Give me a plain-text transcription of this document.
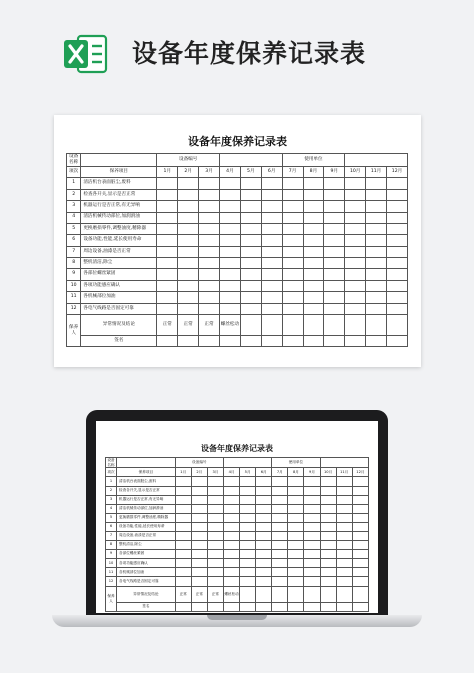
设备年度保养记录表
设备年度保养记录表
设备名称		设备编号						使用单位					
项次	保养项目	1月	2月	3月	4月	5月	6月	7月	8月	9月	10月	11月	12月
1	清洁机台表面脏尘,废料												
2	检查各开关,显示是否正常												
3	机器运行是否正常,有无异响												
4	清洁机械传动部位,加润滑油												
5	更换磨损零件,调整油度,精除器												
6	设备功能,性能,延长使用寿命												
7	周边设备,油漆是否正常												
8	整机清洁,除尘												
9	各部位螺丝紧固												
10	各项功能感应确认												
11	各机械部位加油												
12	各电气线路是否固定可靠												
保养人	异常情况及结论	正常	正常	正常	螺丝松动								
	签名												
设备年度保养记录表
设备名称		设备编号						使用单位					
项次	保养项目	1月	2月	3月	4月	5月	6月	7月	8月	9月	10月	11月	12月
1	清洁机台表面脏尘,废料												
2	检查各开关,显示是否正常												
3	机器运行是否正常,有无异响												
4	清洁机械传动部位,加润滑油												
5	更换磨损零件,调整油度,精除器												
6	设备功能,性能,延长使用寿命												
7	周边设备,油漆是否正常												
8	整机清洁,除尘												
9	各部位螺丝紧固												
10	各项功能感应确认												
11	各机械部位加油												
12	各电气线路是否固定可靠												
保养人	异常情况及结论	正常	正常	正常	螺丝松动								
	签名												
